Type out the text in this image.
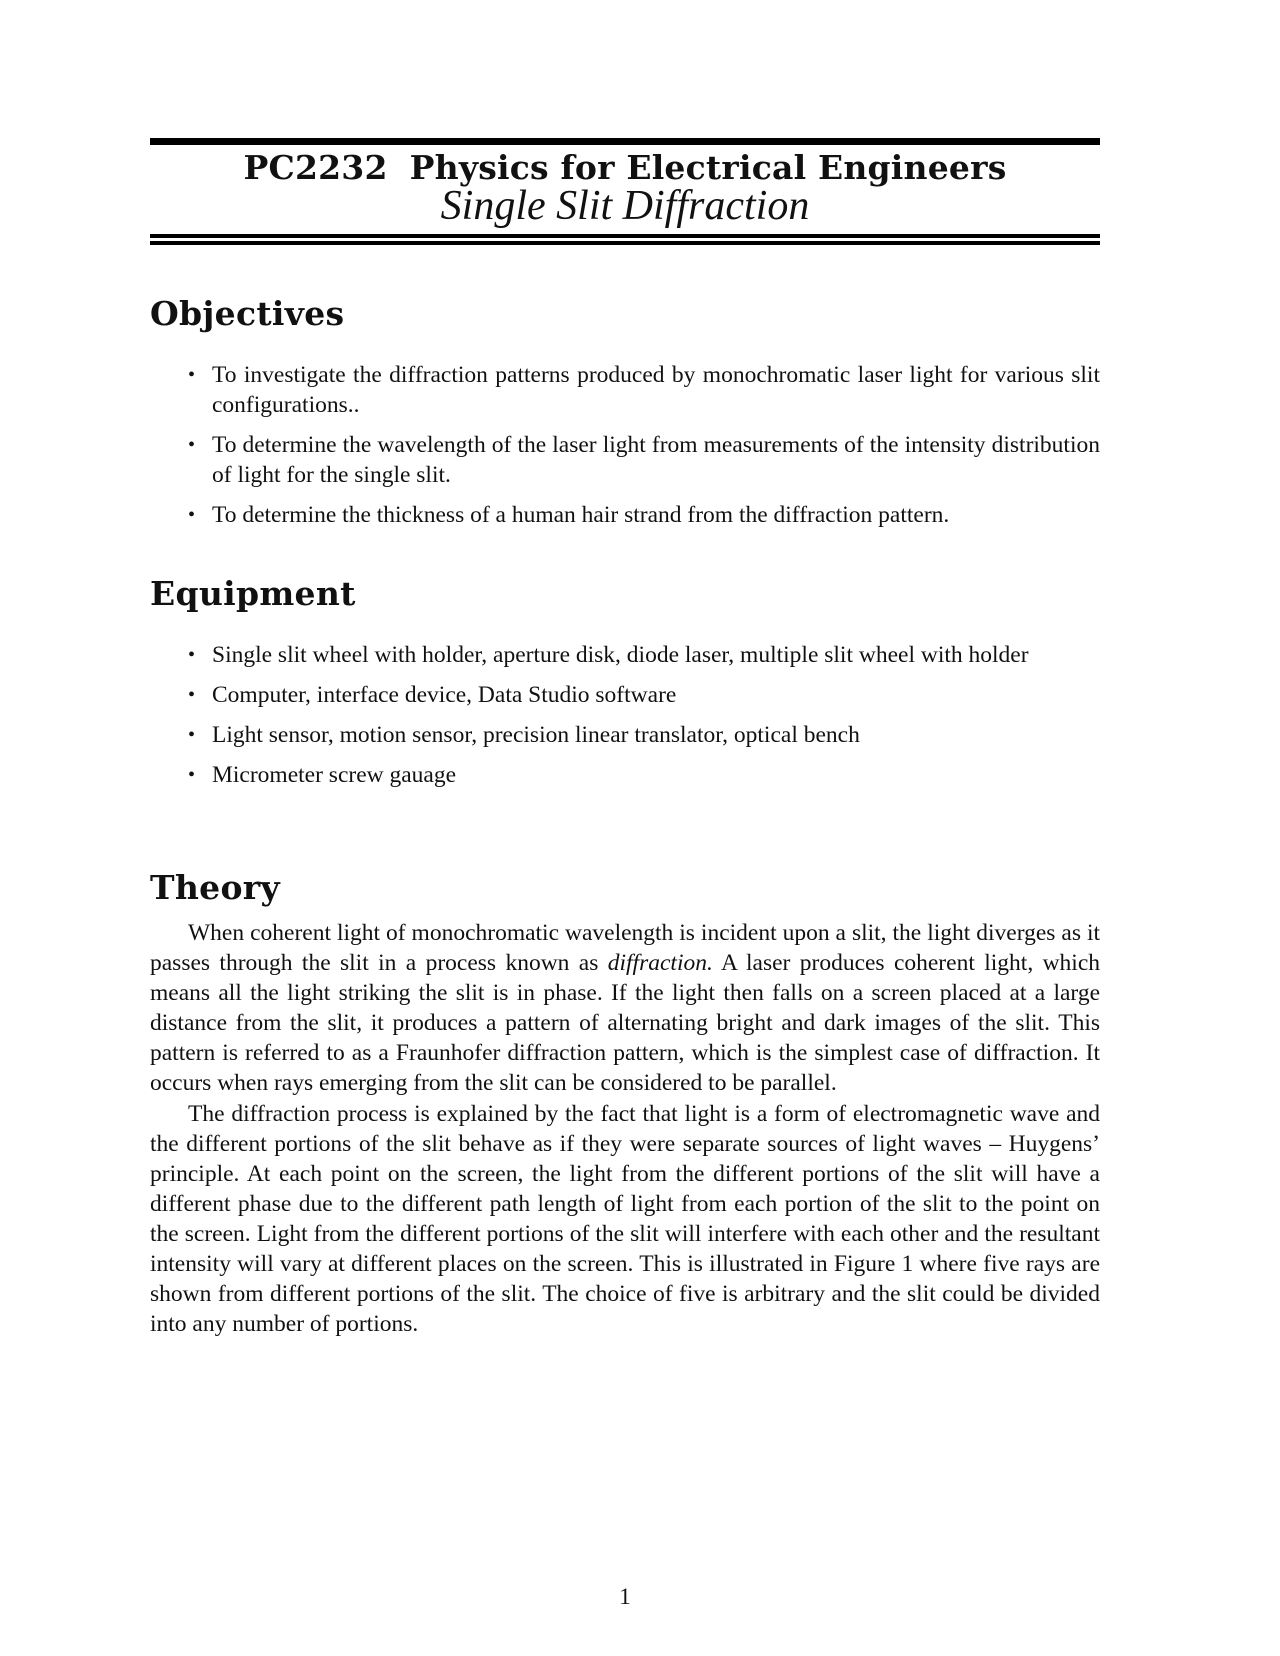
PC2232 Physics for Electrical Engineers
Single Slit Diffraction
Objectives
• To investigate the diffraction patterns produced by monochromatic laser light for various slit configurations..
• To determine the wavelength of the laser light from measurements of the intensity distribution of light for the single slit.
• To determine the thickness of a human hair strand from the diffraction pattern.
Equipment
• Single slit wheel with holder, aperture disk, diode laser, multiple slit wheel with holder
• Computer, interface device, Data Studio software
• Light sensor, motion sensor, precision linear translator, optical bench
• Micrometer screw gauage
Theory

When coherent light of monochromatic wavelength is incident upon a slit, the light diverges as it passes through the slit in a process known as diffraction. A laser produces coherent light, which means all the light striking the slit is in phase. If the light then falls on a screen placed at a large distance from the slit, it produces a pattern of alternating bright and dark images of the slit. This pattern is referred to as a Fraunhofer diffraction pattern, which is the simplest case of diffraction. It occurs when rays emerging from the slit can be considered to be parallel.

The diffraction process is explained by the fact that light is a form of electromagnetic wave and the different portions of the slit behave as if they were separate sources of light waves – Huygens’ principle. At each point on the screen, the light from the different portions of the slit will have a different phase due to the different path length of light from each portion of the slit to the point on the screen. Light from the different portions of the slit will interfere with each other and the resultant intensity will vary at different places on the screen. This is illustrated in Figure 1 where five rays are shown from different portions of the slit. The choice of five is arbitrary and the slit could be divided into any number of portions.

1
